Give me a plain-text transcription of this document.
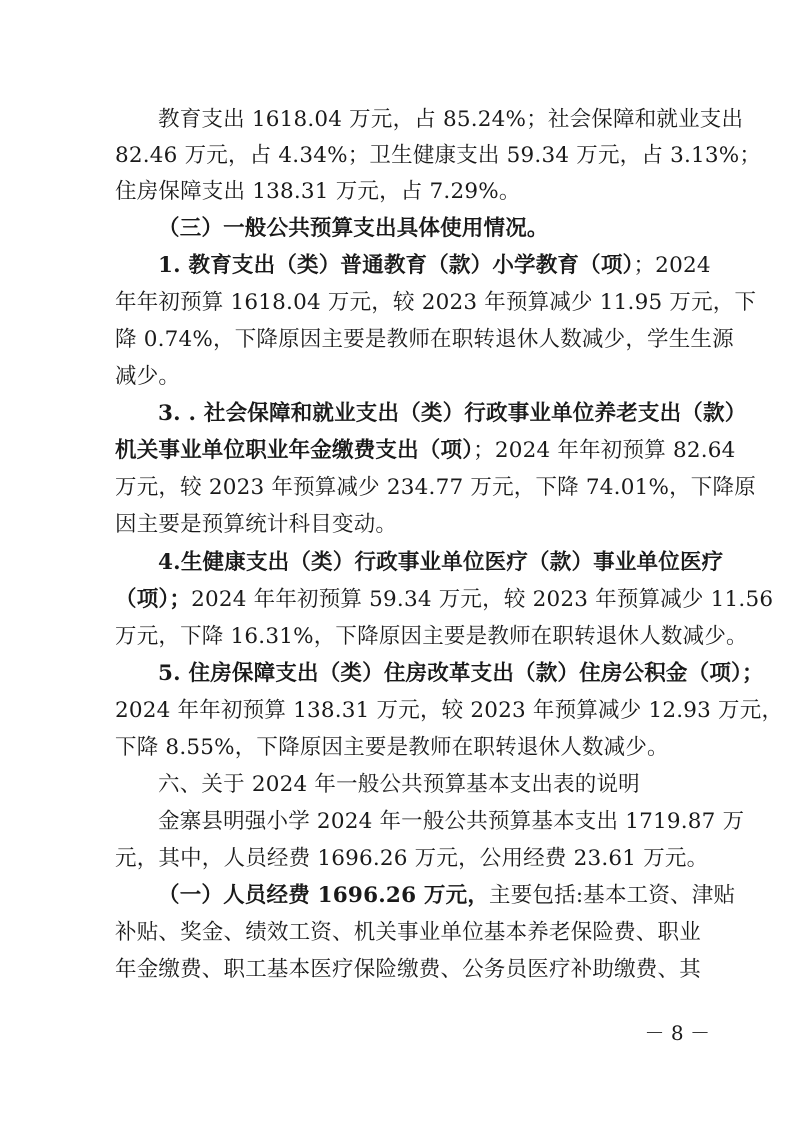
教育支出 1618.04 万元，占 85.24%；社会保障和就业支出
82.46 万元，占 4.34%；卫生健康支出 59.34 万元，占 3.13%；
住房保障支出 138.31 万元，占 7.29%。
（三）一般公共预算支出具体使用情况。
1. 教育支出（类）普通教育（款）小学教育（项）；2024
年年初预算 1618.04 万元，较 2023 年预算减少 11.95 万元，下
降 0.74%，下降原因主要是教师在职转退休人数减少，学生生源
减少。
3. . 社会保障和就业支出（类）行政事业单位养老支出（款）
机关事业单位职业年金缴费支出（项）；2024 年年初预算 82.64
万元，较 2023 年预算减少 234.77 万元，下降 74.01%，下降原
因主要是预算统计科目变动。
4.生健康支出（类）行政事业单位医疗（款）事业单位医疗
（项）；2024 年年初预算 59.34 万元，较 2023 年预算减少 11.56
万元，下降 16.31%，下降原因主要是教师在职转退休人数减少。
5. 住房保障支出（类）住房改革支出（款）住房公积金（项）；
2024 年年初预算 138.31 万元，较 2023 年预算减少 12.93 万元，
下降 8.55%，下降原因主要是教师在职转退休人数减少。
六、关于 2024 年一般公共预算基本支出表的说明
金寨县明强小学 2024 年一般公共预算基本支出 1719.87 万
元，其中，人员经费 1696.26 万元，公用经费 23.61 万元。
（一）人员经费 1696.26 万元，主要包括:基本工资、津贴
补贴、奖金、绩效工资、机关事业单位基本养老保险费、职业
年金缴费、职工基本医疗保险缴费、公务员医疗补助缴费、其
－ 8 －
